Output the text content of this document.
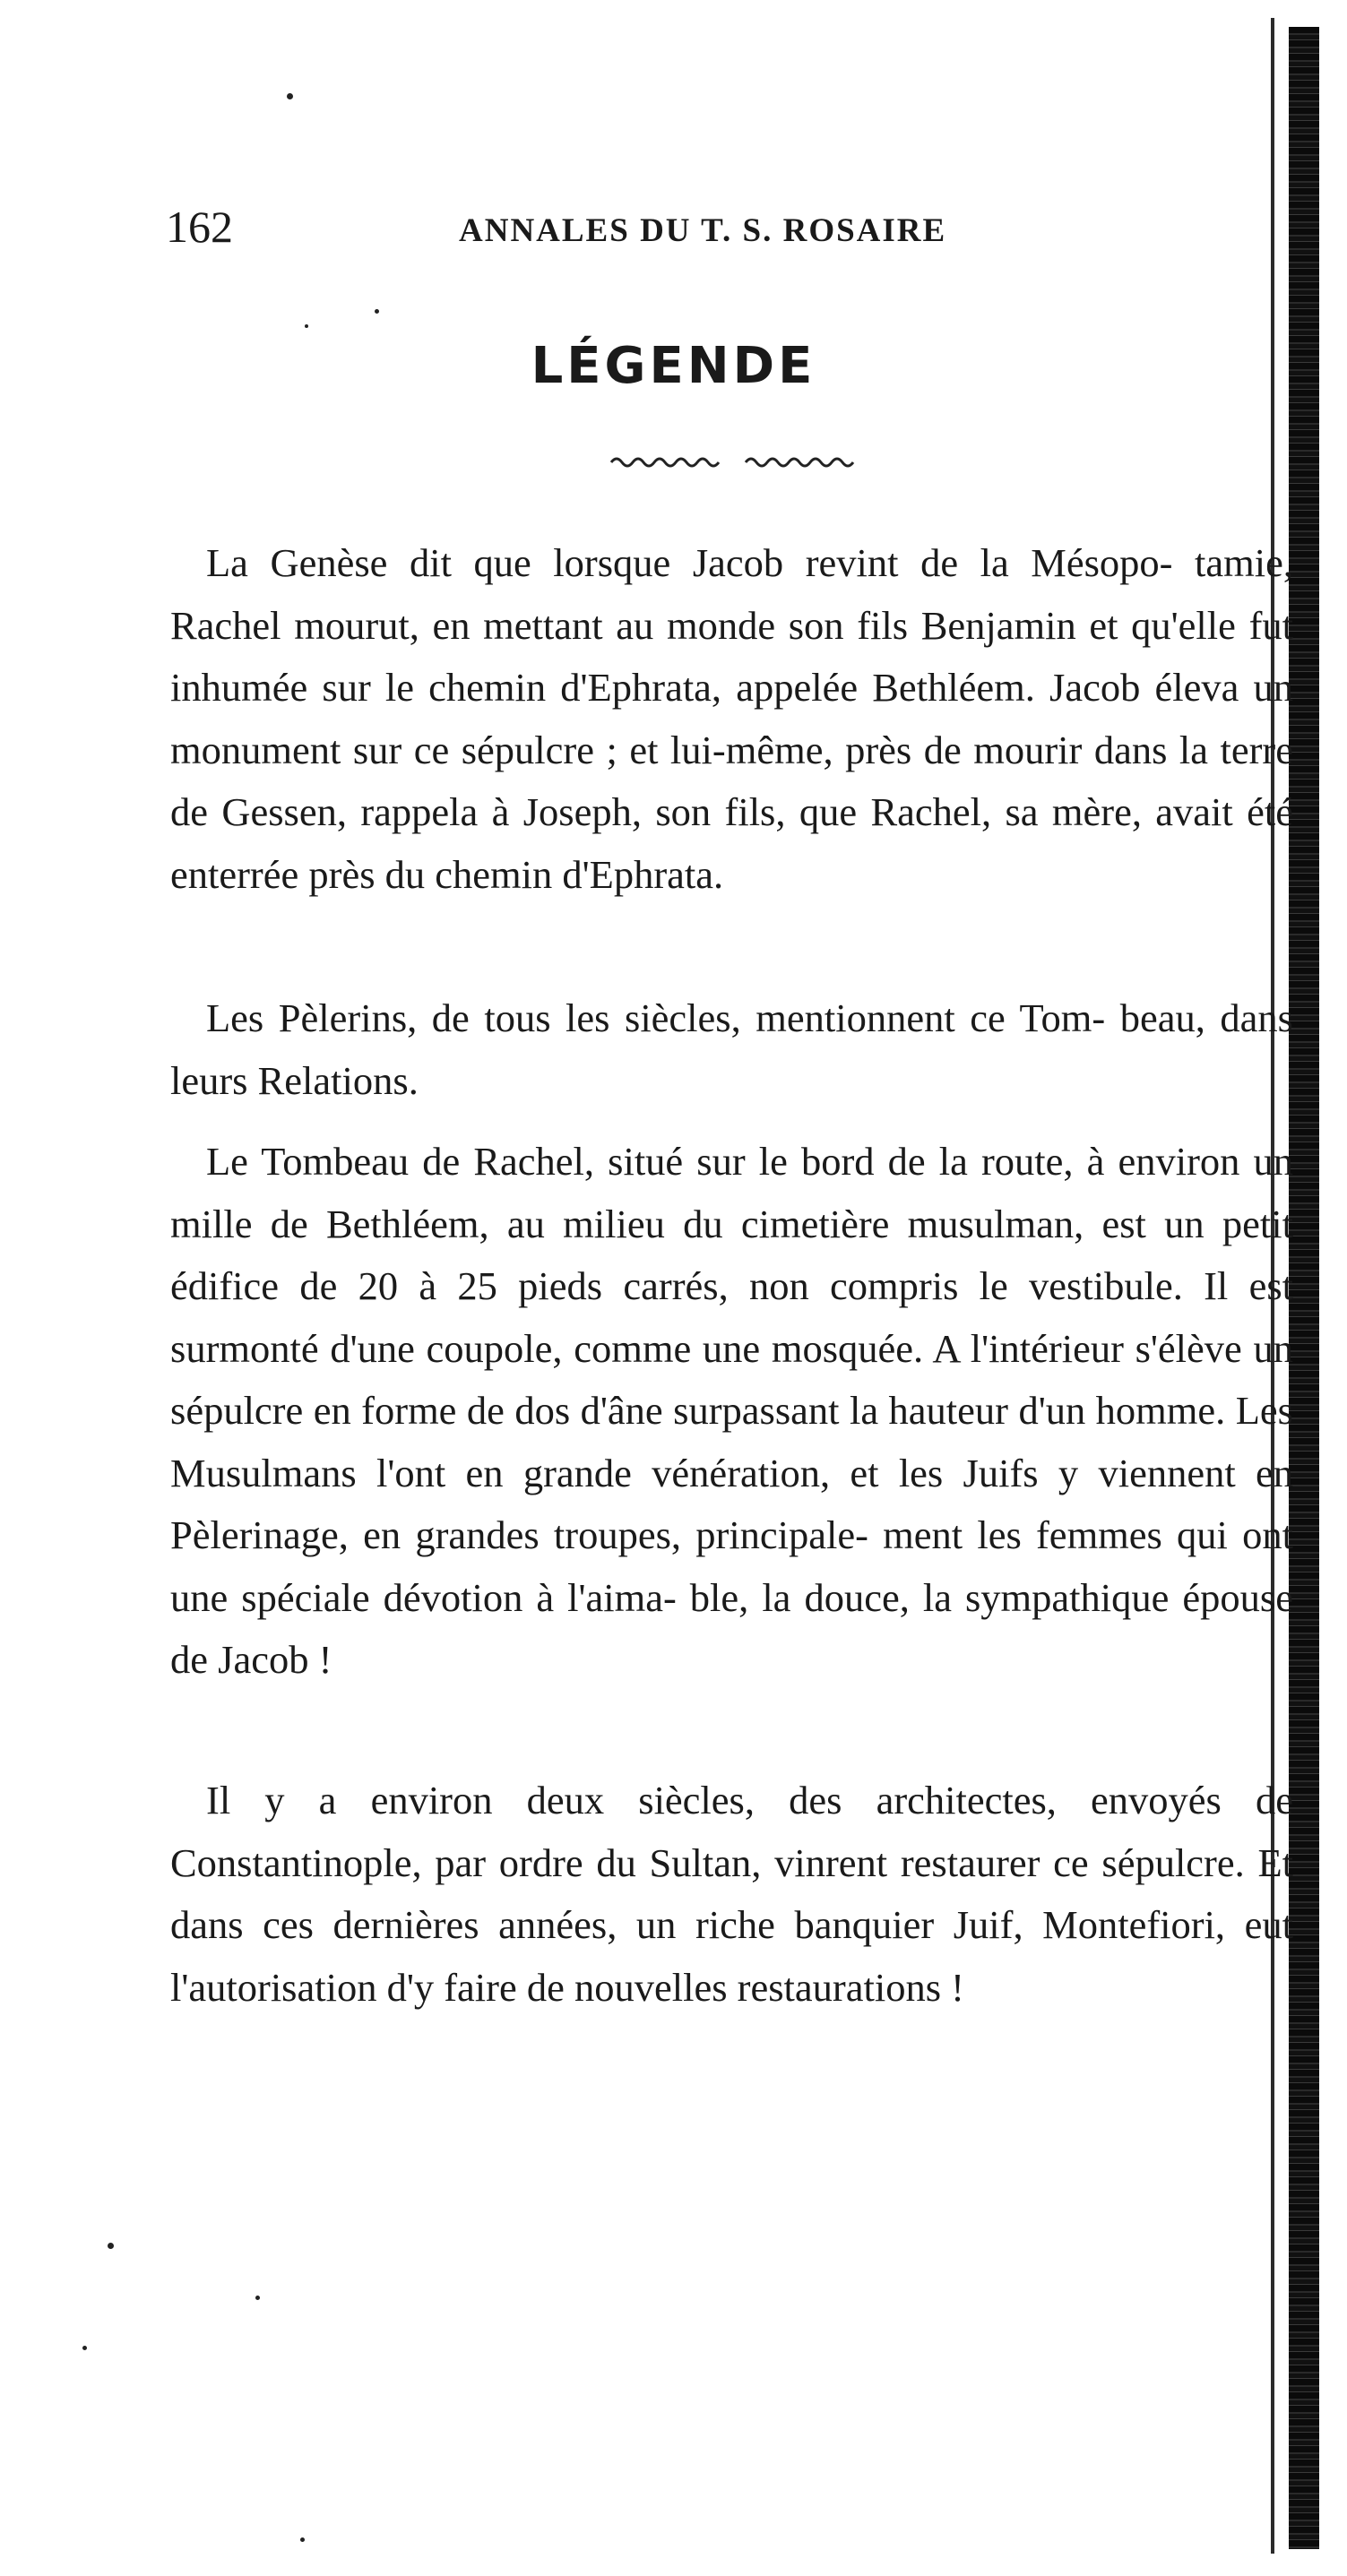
162	ANNALES DU T. S. ROSAIRE
LÉGENDE

La Genèse dit que lorsque Jacob revint de la Mésopo- tamie, Rachel mourut, en mettant au monde son fils Benjamin et qu'elle fut inhumée sur le chemin d'Ephrata, appelée Bethléem. Jacob éleva un monument sur ce sépulcre ; et lui-même, près de mourir dans la terre de Gessen, rappela à Joseph, son fils, que Rachel, sa mère, avait été enterrée près du chemin d'Ephrata.

Les Pèlerins, de tous les siècles, mentionnent ce Tom- beau, dans leurs Relations.

Le Tombeau de Rachel, situé sur le bord de la route, à environ un mille de Bethléem, au milieu du cimetière musulman, est un petit édifice de 20 à 25 pieds carrés, non compris le vestibule. Il est surmonté d'une coupole, comme une mosquée. A l'intérieur s'élève un sépulcre en forme de dos d'âne surpassant la hauteur d'un homme. Les Musulmans l'ont en grande vénération, et les Juifs y viennent en Pèlerinage, en grandes troupes, principale- ment les femmes qui ont une spéciale dévotion à l'aima- ble, la douce, la sympathique épouse de Jacob !

Il y a environ deux siècles, des architectes, envoyés de Constantinople, par ordre du Sultan, vinrent restaurer ce sépulcre. Et dans ces dernières années, un riche banquier Juif, Montefiori, eut l'autorisation d'y faire de nouvelles restaurations !
